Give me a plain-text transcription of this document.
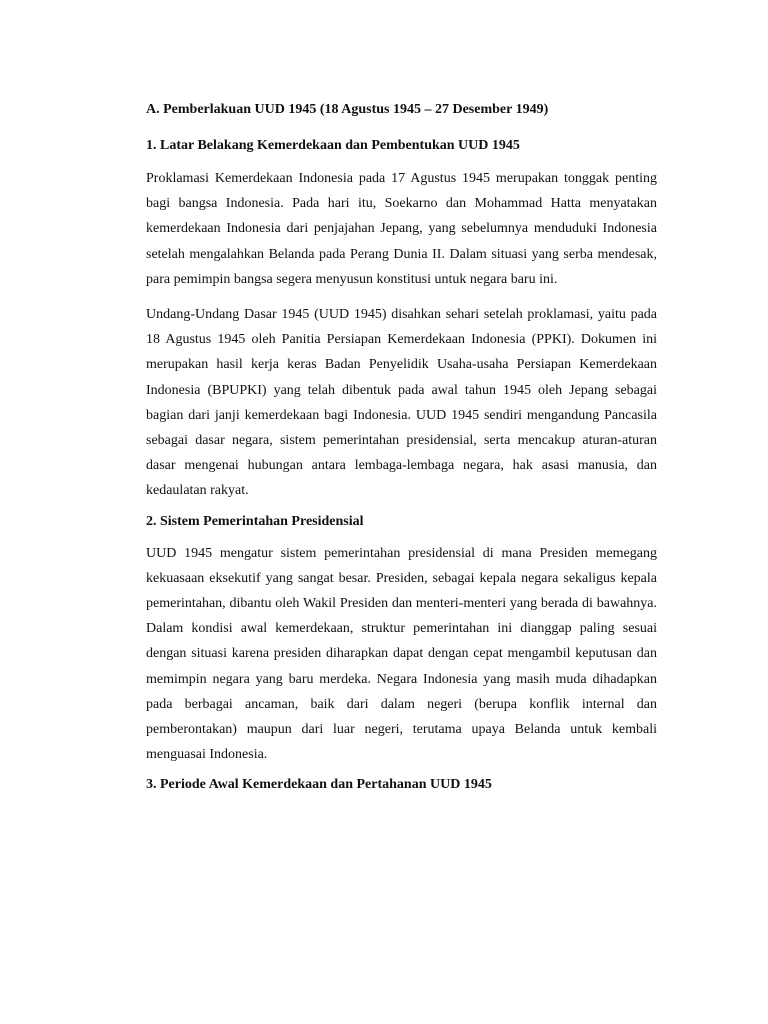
A. Pemberlakuan UUD 1945 (18 Agustus 1945 – 27 Desember 1949)

1. Latar Belakang Kemerdekaan dan Pembentukan UUD 1945

Proklamasi Kemerdekaan Indonesia pada 17 Agustus 1945 merupakan tonggak penting bagi bangsa Indonesia. Pada hari itu, Soekarno dan Mohammad Hatta menyatakan kemerdekaan Indonesia dari penjajahan Jepang, yang sebelumnya menduduki Indonesia setelah mengalahkan Belanda pada Perang Dunia II. Dalam situasi yang serba mendesak, para pemimpin bangsa segera menyusun konstitusi untuk negara baru ini.

Undang-Undang Dasar 1945 (UUD 1945) disahkan sehari setelah proklamasi, yaitu pada 18 Agustus 1945 oleh Panitia Persiapan Kemerdekaan Indonesia (PPKI). Dokumen ini merupakan hasil kerja keras Badan Penyelidik Usaha-usaha Persiapan Kemerdekaan Indonesia (BPUPKI) yang telah dibentuk pada awal tahun 1945 oleh Jepang sebagai bagian dari janji kemerdekaan bagi Indonesia. UUD 1945 sendiri mengandung Pancasila sebagai dasar negara, sistem pemerintahan presidensial, serta mencakup aturan-aturan dasar mengenai hubungan antara lembaga-lembaga negara, hak asasi manusia, dan kedaulatan rakyat.

2. Sistem Pemerintahan Presidensial

UUD 1945 mengatur sistem pemerintahan presidensial di mana Presiden memegang kekuasaan eksekutif yang sangat besar. Presiden, sebagai kepala negara sekaligus kepala pemerintahan, dibantu oleh Wakil Presiden dan menteri-menteri yang berada di bawahnya. Dalam kondisi awal kemerdekaan, struktur pemerintahan ini dianggap paling sesuai dengan situasi karena presiden diharapkan dapat dengan cepat mengambil keputusan dan memimpin negara yang baru merdeka. Negara Indonesia yang masih muda dihadapkan pada berbagai ancaman, baik dari dalam negeri (berupa konflik internal dan pemberontakan) maupun dari luar negeri, terutama upaya Belanda untuk kembali menguasai Indonesia.

3. Periode Awal Kemerdekaan dan Pertahanan UUD 1945
